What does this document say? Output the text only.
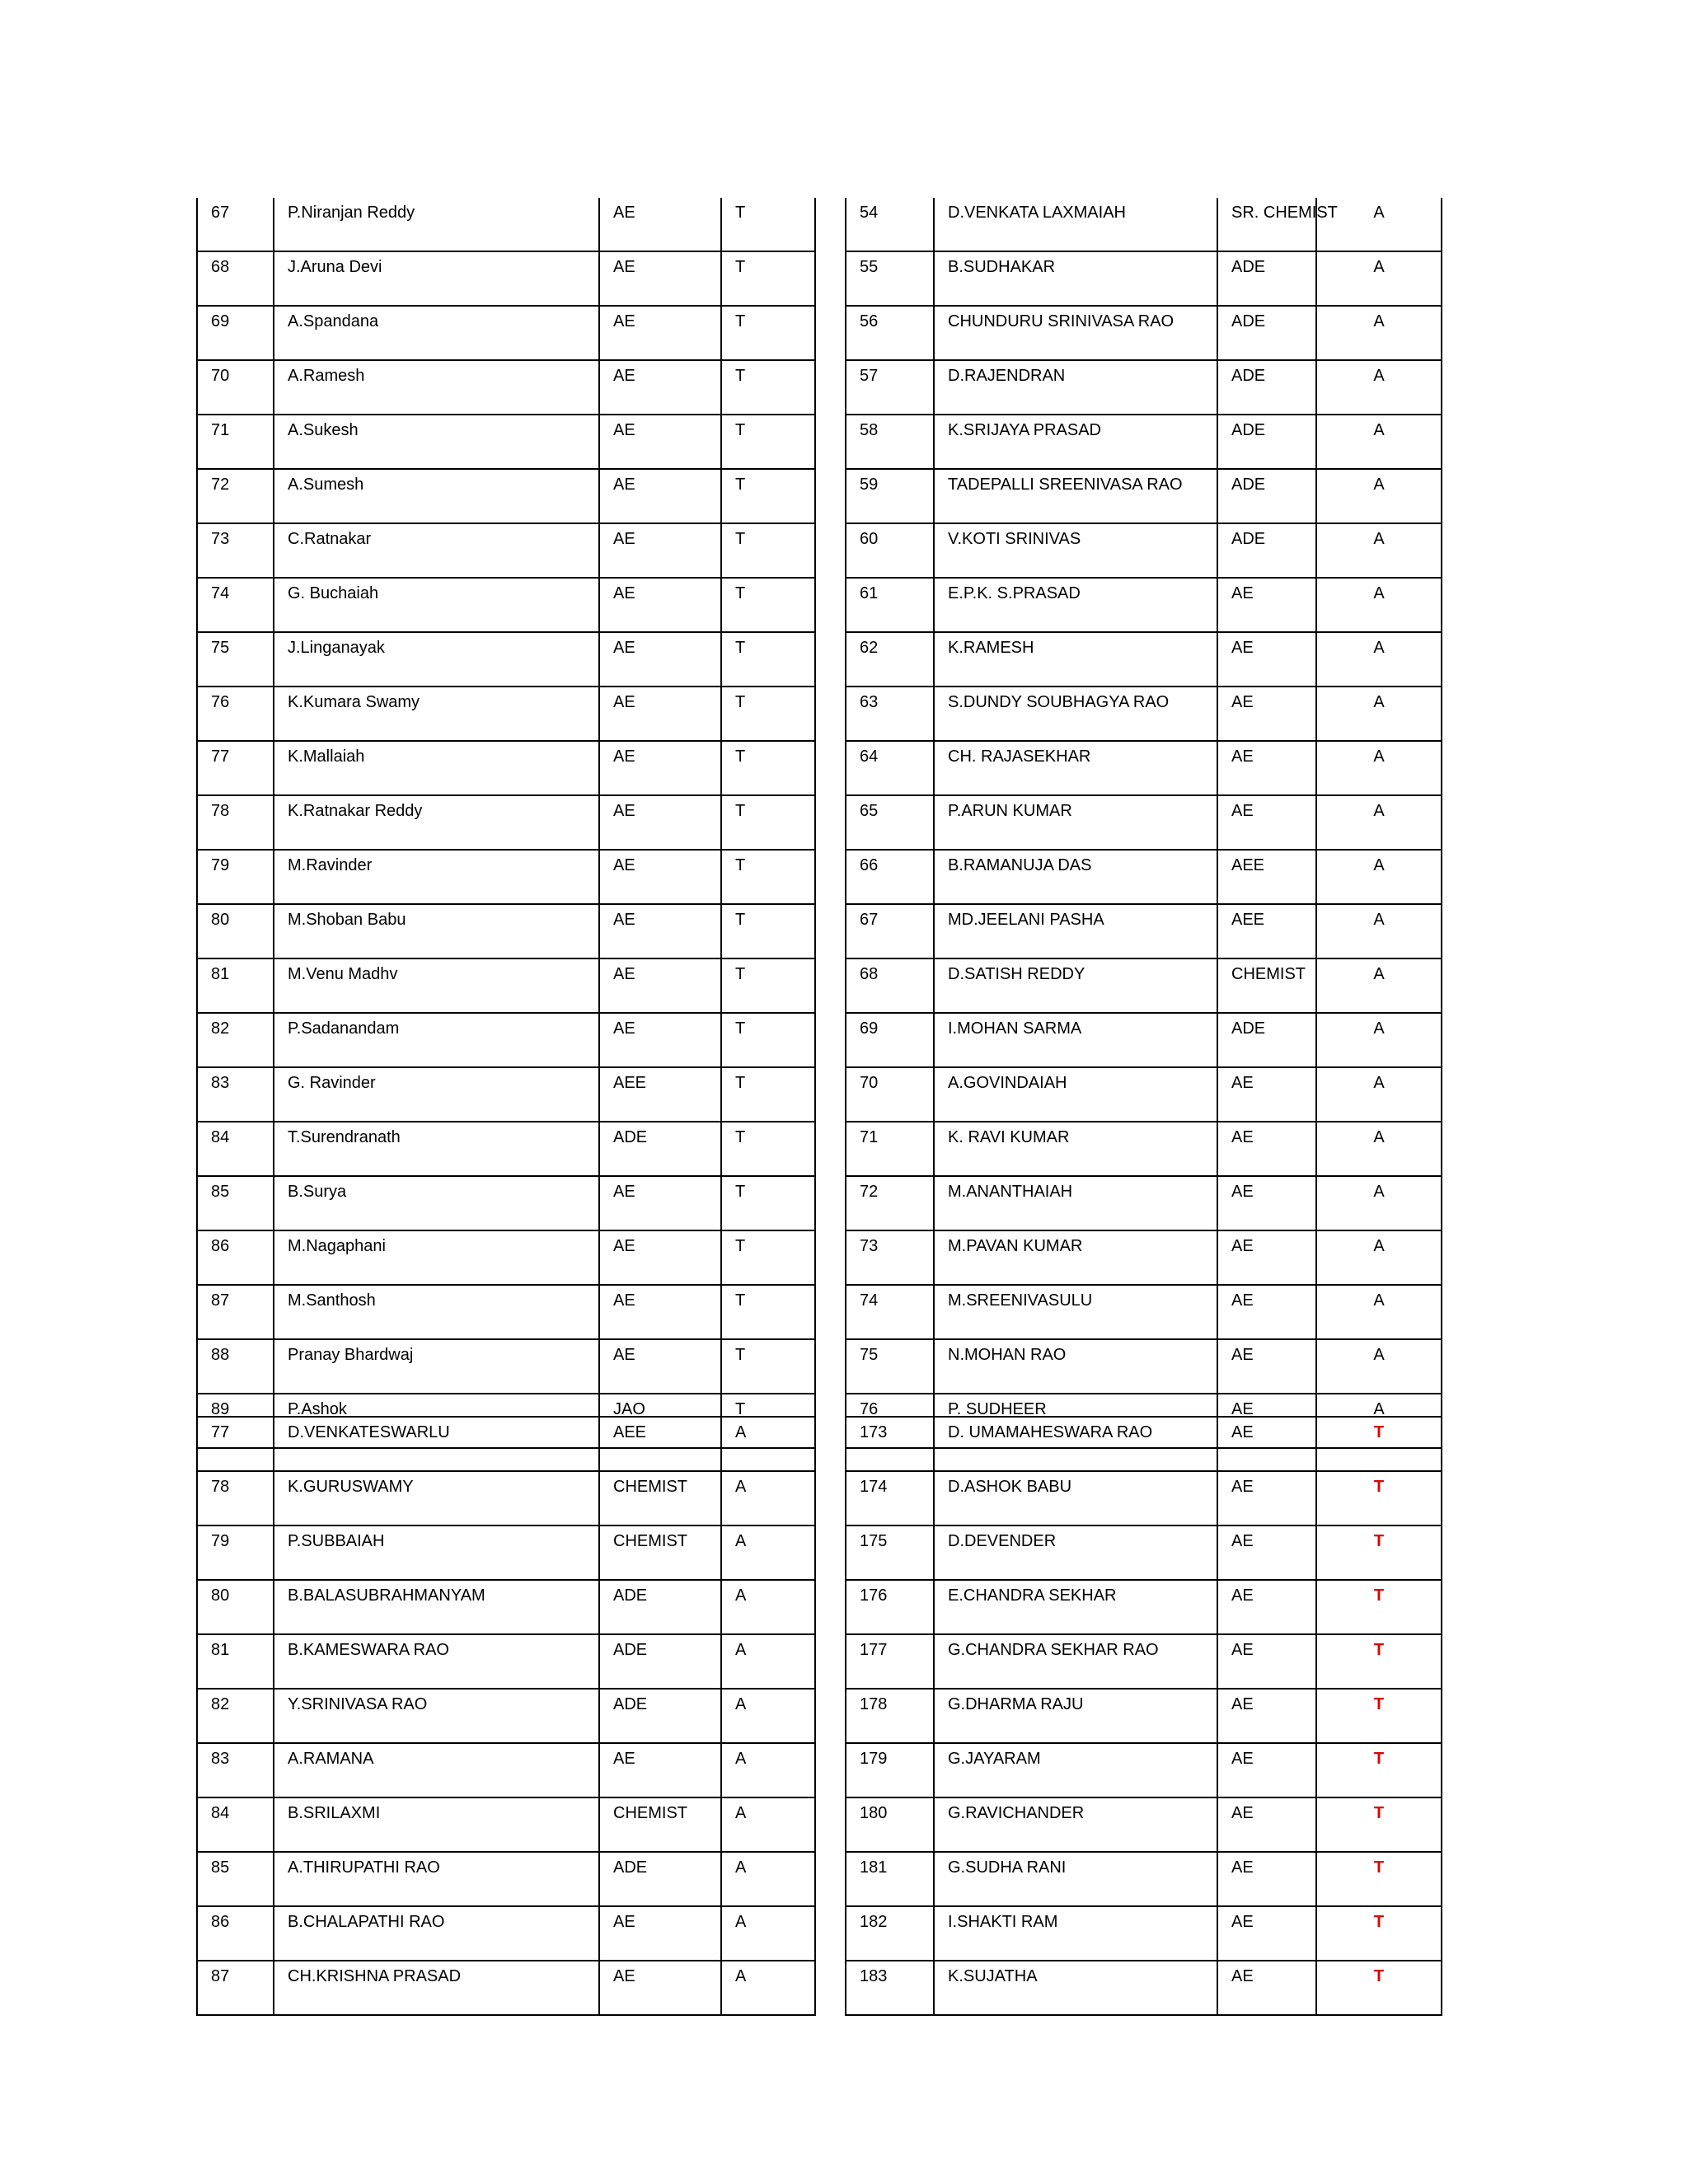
67	P.Niranjan Reddy	AE	T
68	J.Aruna Devi	AE	T
69	A.Spandana	AE	T
70	A.Ramesh	AE	T
71	A.Sukesh	AE	T
72	A.Sumesh	AE	T
73	C.Ratnakar	AE	T
74	G. Buchaiah	AE	T
75	J.Linganayak	AE	T
76	K.Kumara Swamy	AE	T
77	K.Mallaiah	AE	T
78	K.Ratnakar Reddy	AE	T
79	M.Ravinder	AE	T
80	M.Shoban Babu	AE	T
81	M.Venu Madhv	AE	T
82	P.Sadanandam	AE	T
83	G. Ravinder	AEE	T
84	T.Surendranath	ADE	T
85	B.Surya	AE	T
86	M.Nagaphani	AE	T
87	M.Santhosh	AE	T
88	Pranay Bhardwaj	AE	T
89	P.Ashok	JAO	T
54	D.VENKATA LAXMAIAH	SR. CHEMIST	A
55	B.SUDHAKAR	ADE	A
56	CHUNDURU SRINIVASA RAO	ADE	A
57	D.RAJENDRAN	ADE	A
58	K.SRIJAYA PRASAD	ADE	A
59	TADEPALLI SREENIVASA RAO	ADE	A
60	V.KOTI SRINIVAS	ADE	A
61	E.P.K. S.PRASAD	AE	A
62	K.RAMESH	AE	A
63	S.DUNDY SOUBHAGYA RAO	AE	A
64	CH. RAJASEKHAR	AE	A
65	P.ARUN KUMAR	AE	A
66	B.RAMANUJA DAS	AEE	A
67	MD.JEELANI PASHA	AEE	A
68	D.SATISH REDDY	CHEMIST	A
69	I.MOHAN SARMA	ADE	A
70	A.GOVINDAIAH	AE	A
71	K. RAVI KUMAR	AE	A
72	M.ANANTHAIAH	AE	A
73	M.PAVAN KUMAR	AE	A
74	M.SREENIVASULU	AE	A
75	N.MOHAN RAO	AE	A
76	P. SUDHEER	AE	A
77	D.VENKATESWARLU	AEE	A
78	K.GURUSWAMY	CHEMIST	A
79	P.SUBBAIAH	CHEMIST	A
80	B.BALASUBRAHMANYAM	ADE	A
81	B.KAMESWARA RAO	ADE	A
82	Y.SRINIVASA RAO	ADE	A
83	A.RAMANA	AE	A
84	B.SRILAXMI	CHEMIST	A
85	A.THIRUPATHI RAO	ADE	A
86	B.CHALAPATHI RAO	AE	A
87	CH.KRISHNA PRASAD	AE	A
173	D. UMAMAHESWARA RAO	AE	T
174	D.ASHOK BABU	AE	T
175	D.DEVENDER	AE	T
176	E.CHANDRA SEKHAR	AE	T
177	G.CHANDRA SEKHAR RAO	AE	T
178	G.DHARMA RAJU	AE	T
179	G.JAYARAM	AE	T
180	G.RAVICHANDER	AE	T
181	G.SUDHA RANI	AE	T
182	I.SHAKTI RAM	AE	T
183	K.SUJATHA	AE	T
